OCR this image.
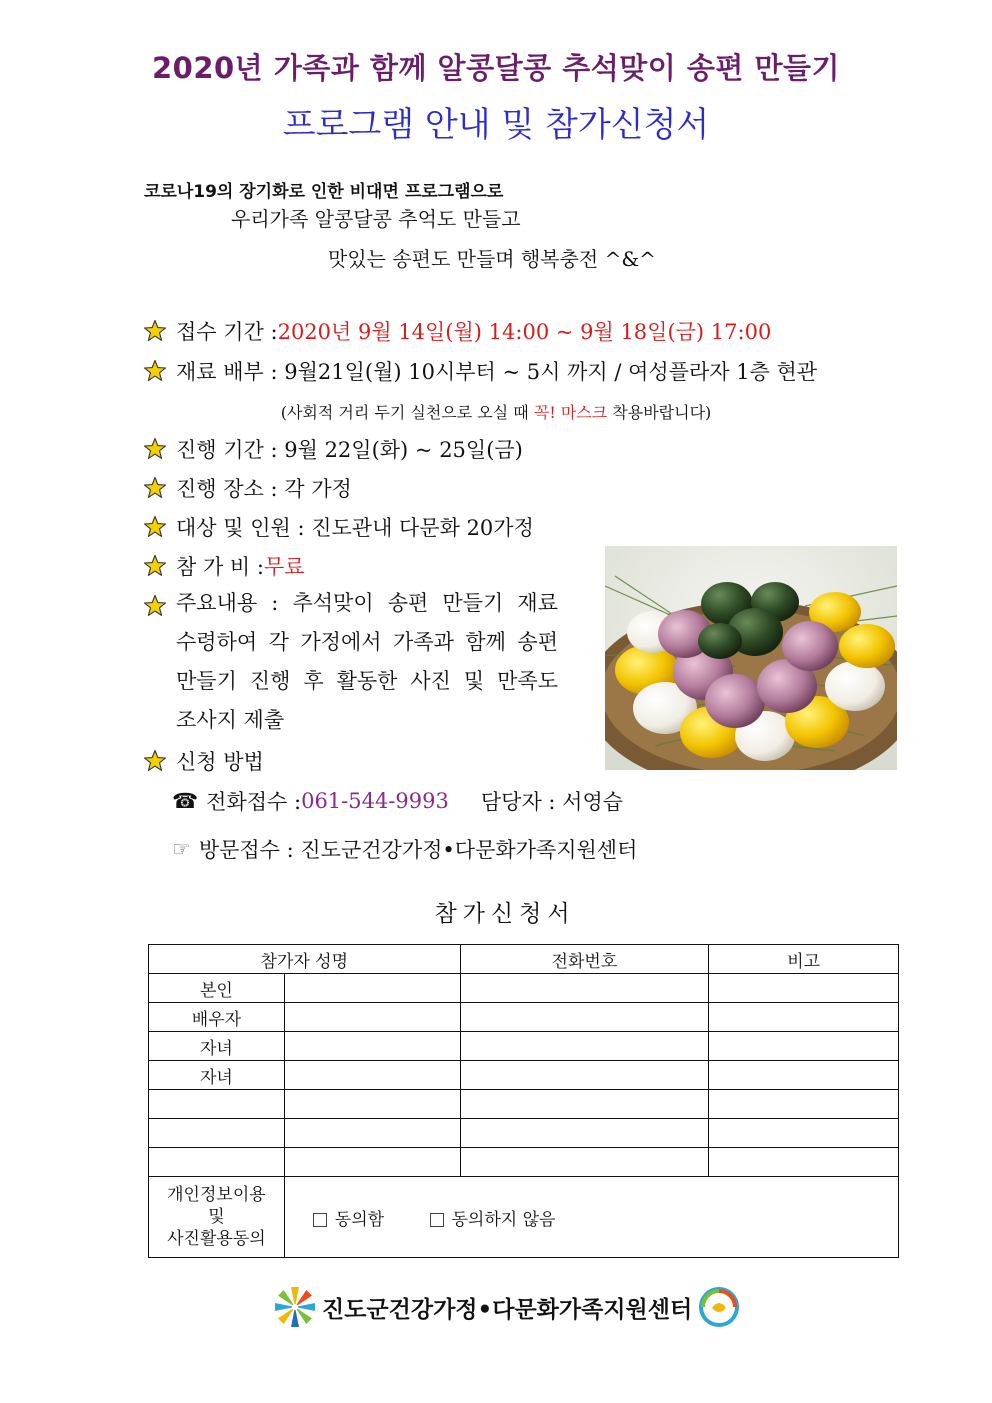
2020년 가족과 함께 알콩달콩 추석맞이 송편 만들기
프로그램 안내 및 참가신청서
코로나19의 장기화로 인한 비대면 프로그램으로
우리가족 알콩달콩 추억도 만들고
맛있는 송편도 만들며 행복충전 ^&^
접수 기간 : 2020년 9월 14일(월) 14:00 ~ 9월 18일(금) 17:00
재료 배부 : 9월21일(월) 10시부터 ~ 5시 까지 / 여성플라자 1층 현관
(사회적 거리 두기 실천으로 오실 때 꼭! 마스크 착용바랍니다)
진행 기간 : 9월 22일(화) ~ 25일(금)
진행 장소 : 각 가정
대상 및 인원 : 진도관내 다문화 20가정
참 가 비 : 무료
주요내용 : 추석맞이 송편 만들기 재료
수령하여 각 가정에서 가족과 함께 송편
만들기 진행 후 활동한 사진 및 만족도
조사지 제출
신청 방법
☎ 전화접수 : 061-544-9993 담당자 : 서영습
☞ 방문접수 : 진도군건강가정•다문화가족지원센터
참가신청서
참가자 성명		전화번호	비고
본인			
배우자			
자녀			
자녀			

개인정보이용
및
사진활용동의	동의함 동의하지 않음		
진도군건강가정•다문화가족지원센터
